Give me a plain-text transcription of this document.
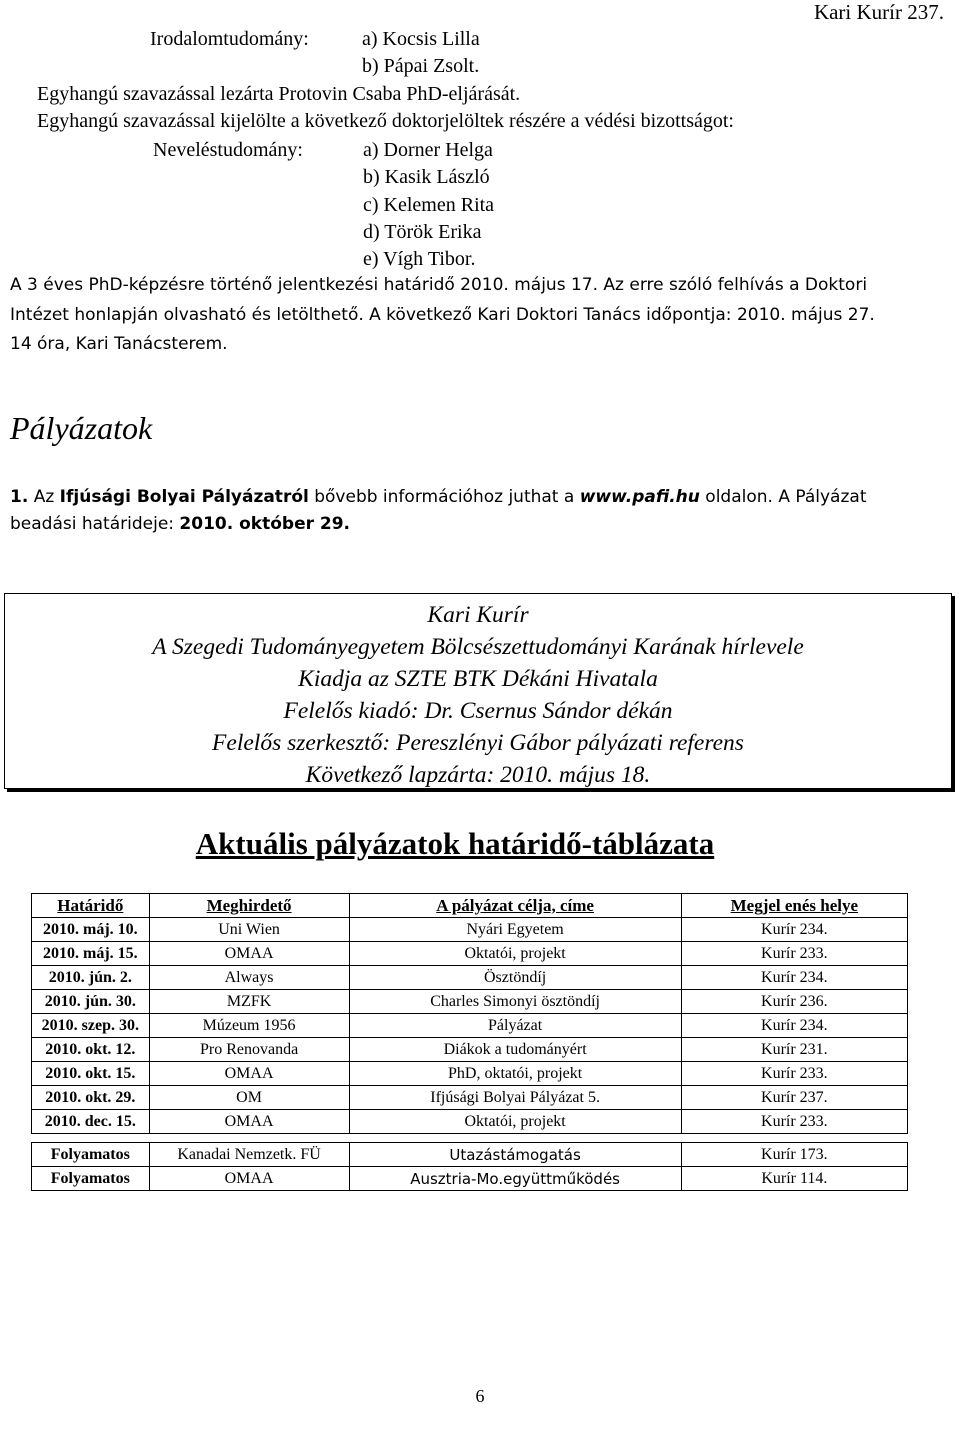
Kari Kurír 237.
Irodalomtudomány:	a) Kocsis Lilla
b) Pápai Zsolt.
Egyhangú szavazással lezárta Protovin Csaba PhD-eljárását.
Egyhangú szavazással kijelölte a következő doktorjelöltek részére a védési bizottságot:
Neveléstudomány:	a) Dorner Helga
b) Kasik László
c) Kelemen Rita
d) Török Erika
e) Vígh Tibor.
A 3 éves PhD-képzésre történő jelentkezési határidő 2010. május 17. Az erre szóló felhívás a Doktori
Intézet honlapján olvasható és letölthető. A következő Kari Doktori Tanács időpontja: 2010. május 27.
14 óra, Kari Tanácsterem.
Pályázatok
1. Az Ifjúsági Bolyai Pályázatról bővebb információhoz juthat a www.pafi.hu oldalon. A Pályázat
beadási határideje: 2010. október 29.
Kari Kurír
A Szegedi Tudományegyetem Bölcsészettudományi Karának hírlevele
Kiadja az SZTE BTK Dékáni Hivatala
Felelős kiadó: Dr. Csernus Sándor dékán
Felelős szerkesztő: Pereszlényi Gábor pályázati referens
Következő lapzárta: 2010. május 18.
Aktuális pályázatok határidő-táblázata
Határidő	Meghirdető	A pályázat célja, címe	Megjel enés helye
2010. máj. 10.	Uni Wien	Nyári Egyetem	Kurír 234.
2010. máj. 15.	OMAA	Oktatói, projekt	Kurír 233.
2010. jún. 2.	Always	Ösztöndíj	Kurír 234.
2010. jún. 30.	MZFK	Charles Simonyi ösztöndíj	Kurír 236.
2010. szep. 30.	Múzeum 1956	Pályázat	Kurír 234.
2010. okt. 12.	Pro Renovanda	Diákok a tudományért	Kurír 231.
2010. okt. 15.	OMAA	PhD, oktatói, projekt	Kurír 233.
2010. okt. 29.	OM	Ifjúsági Bolyai Pályázat 5.	Kurír 237.
2010. dec. 15.	OMAA	Oktatói, projekt	Kurír 233.

Folyamatos	Kanadai Nemzetk. FÜ	Utazástámogatás	Kurír 173.
Folyamatos	OMAA	Ausztria-Mo.együttműködés	Kurír 114.
6
